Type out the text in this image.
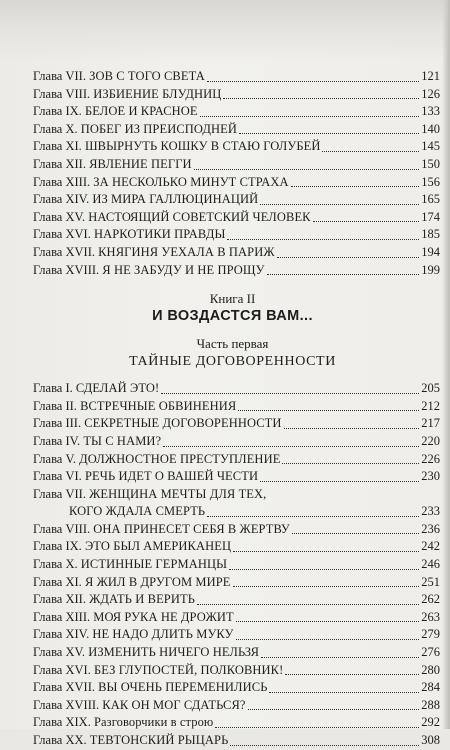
Глава VII. ЗОВ С ТОГО СВЕТА	121
Глава VIII. ИЗБИЕНИЕ БЛУДНИЦ	126
Глава IX. БЕЛОЕ И КРАСНОЕ	133
Глава X. ПОБЕГ ИЗ ПРЕИСПОДНЕЙ	140
Глава XI. ШВЫРНУТЬ КОШКУ В СТАЮ ГОЛУБЕЙ	145
Глава XII. ЯВЛЕНИЕ ПЕГГИ	150
Глава XIII. ЗА НЕСКОЛЬКО МИНУТ СТРАХА	156
Глава XIV. ИЗ МИРА ГАЛЛЮЦИНАЦИЙ	165
Глава XV. НАСТОЯЩИЙ СОВЕТСКИЙ ЧЕЛОВЕК	174
Глава XVI. НАРКОТИКИ ПРАВДЫ	185
Глава XVII. КНЯГИНЯ УЕХАЛА В ПАРИЖ	194
Глава XVIII. Я НЕ ЗАБУДУ И НЕ ПРОЩУ	199
Книга II
И ВОЗДАСТСЯ ВАМ...
Часть первая
ТАЙНЫЕ ДОГОВОРЕННОСТИ
Глава I. СДЕЛАЙ ЭТО!	205
Глава II. ВСТРЕЧНЫЕ ОБВИНЕНИЯ	212
Глава III. СЕКРЕТНЫЕ ДОГОВОРЕННОСТИ	217
Глава IV. ТЫ С НАМИ?	220
Глава V. ДОЛЖНОСТНОЕ ПРЕСТУПЛЕНИЕ	226
Глава VI. РЕЧЬ ИДЕТ О ВАШЕЙ ЧЕСТИ	230
Глава VII. ЖЕНЩИНА МЕЧТЫ ДЛЯ ТЕХ,
КОГО ЖДАЛА СМЕРТЬ	233
Глава VIII. ОНА ПРИНЕСЕТ СЕБЯ В ЖЕРТВУ	236
Глава IX. ЭТО БЫЛ АМЕРИКАНЕЦ	242
Глава X. ИСТИННЫЕ ГЕРМАНЦЫ	246
Глава XI. Я ЖИЛ В ДРУГОМ МИРЕ	251
Глава XII. ЖДАТЬ И ВЕРИТЬ	262
Глава XIII. МОЯ РУКА НЕ ДРОЖИТ	263
Глава XIV. НЕ НАДО ДЛИТЬ МУКУ	279
Глава XV. ИЗМЕНИТЬ НИЧЕГО НЕЛЬЗЯ	276
Глава XVI. БЕЗ ГЛУПОСТЕЙ, ПОЛКОВНИК!	280
Глава XVII. ВЫ ОЧЕНЬ ПЕРЕМЕНИЛИСЬ	284
Глава XVIII. КАК ОН МОГ СДАТЬСЯ?	288
Глава XIX. Разговорчики в строю	292
Глава XX. ТЕВТОНСКИЙ РЫЦАРЬ	308
